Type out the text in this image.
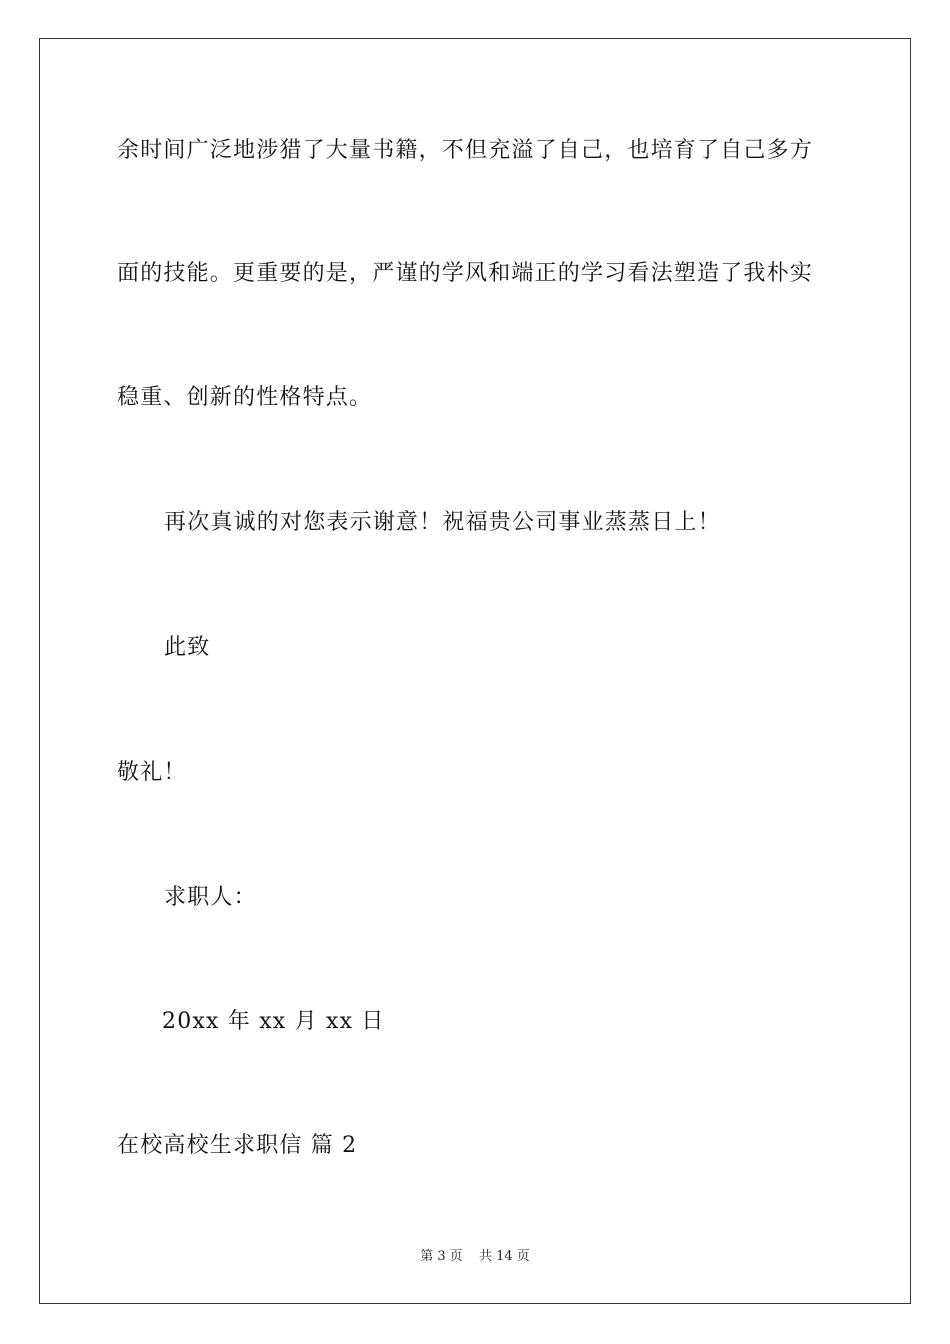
余时间广泛地涉猎了大量书籍，不但充溢了自己，也培育了自己多方
面的技能。更重要的是，严谨的学风和端正的学习看法塑造了我朴实
稳重、创新的性格特点。
再次真诚的对您表示谢意！祝福贵公司事业蒸蒸日上！
此致
敬礼！
求职人：
20xx 年 xx 月 xx 日
在校高校生求职信 篇 2
第 3 页 共 14 页
